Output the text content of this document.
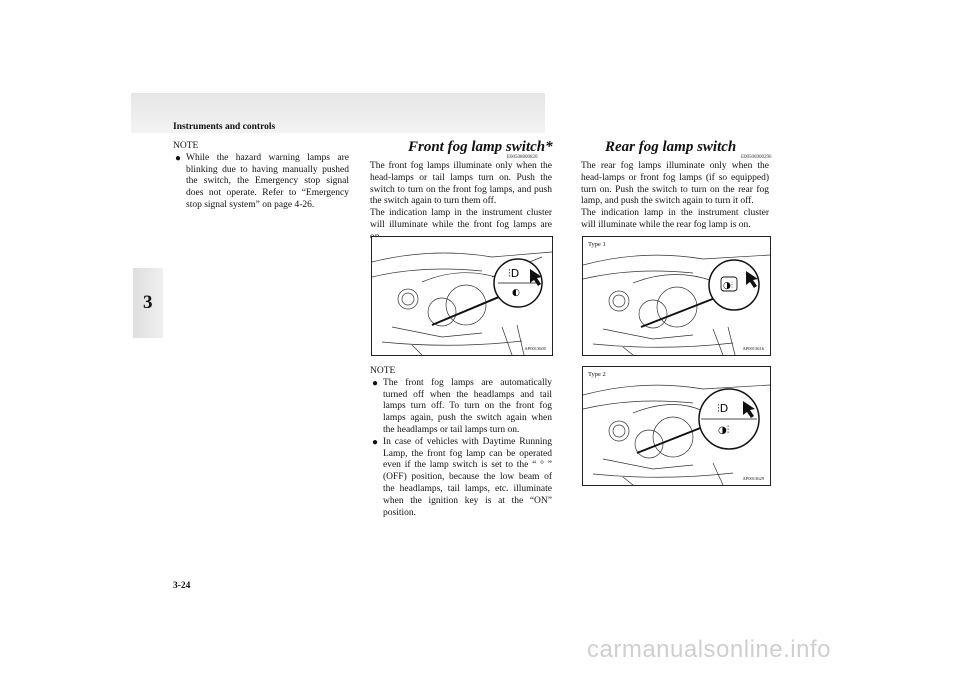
Instruments and controls
3
NOTE
● While the hazard warning lamps are blinking due to having manually pushed the switch, the Emergency stop signal does not operate. Refer to “Emergency stop signal system” on page 4-26.
Front fog lamp switch*
E00508800820
The front fog lamps illuminate only when the head-lamps or tail lamps turn on. Push the switch to turn on the front fog lamps, and push the switch again to turn them off.
The indication lamp in the instrument cluster will illuminate while the front fog lamps are
⫶D
◐
AP0013605
NOTE
● The front fog lamps are automatically turned off when the headlamps and tail lamps turn off. To turn on the front fog lamps again, push the switch again when the headlamps or tail lamps turn on.
● In case of vehicles with Daytime Running Lamp, the front fog lamp can be operated even if the lamp switch is set to the “ ° ” (OFF) position, because the low beam of the headlamps, tail lamps, etc. illuminate when the ignition key is at the “ON” position.
Rear fog lamp switch
E00506900296
The rear fog lamps illuminate only when the head-lamps or front fog lamps (if so equipped) turn on. Push the switch to turn on the rear fog lamp, and push the switch again to turn it off.
The indication lamp in the instrument cluster will illuminate while the rear fog lamp is on.
Type 1
◑⫶
AP0013616
Type 2
⫶D
◑⫶
AP0013629
3-24
carmanualsonline.info
